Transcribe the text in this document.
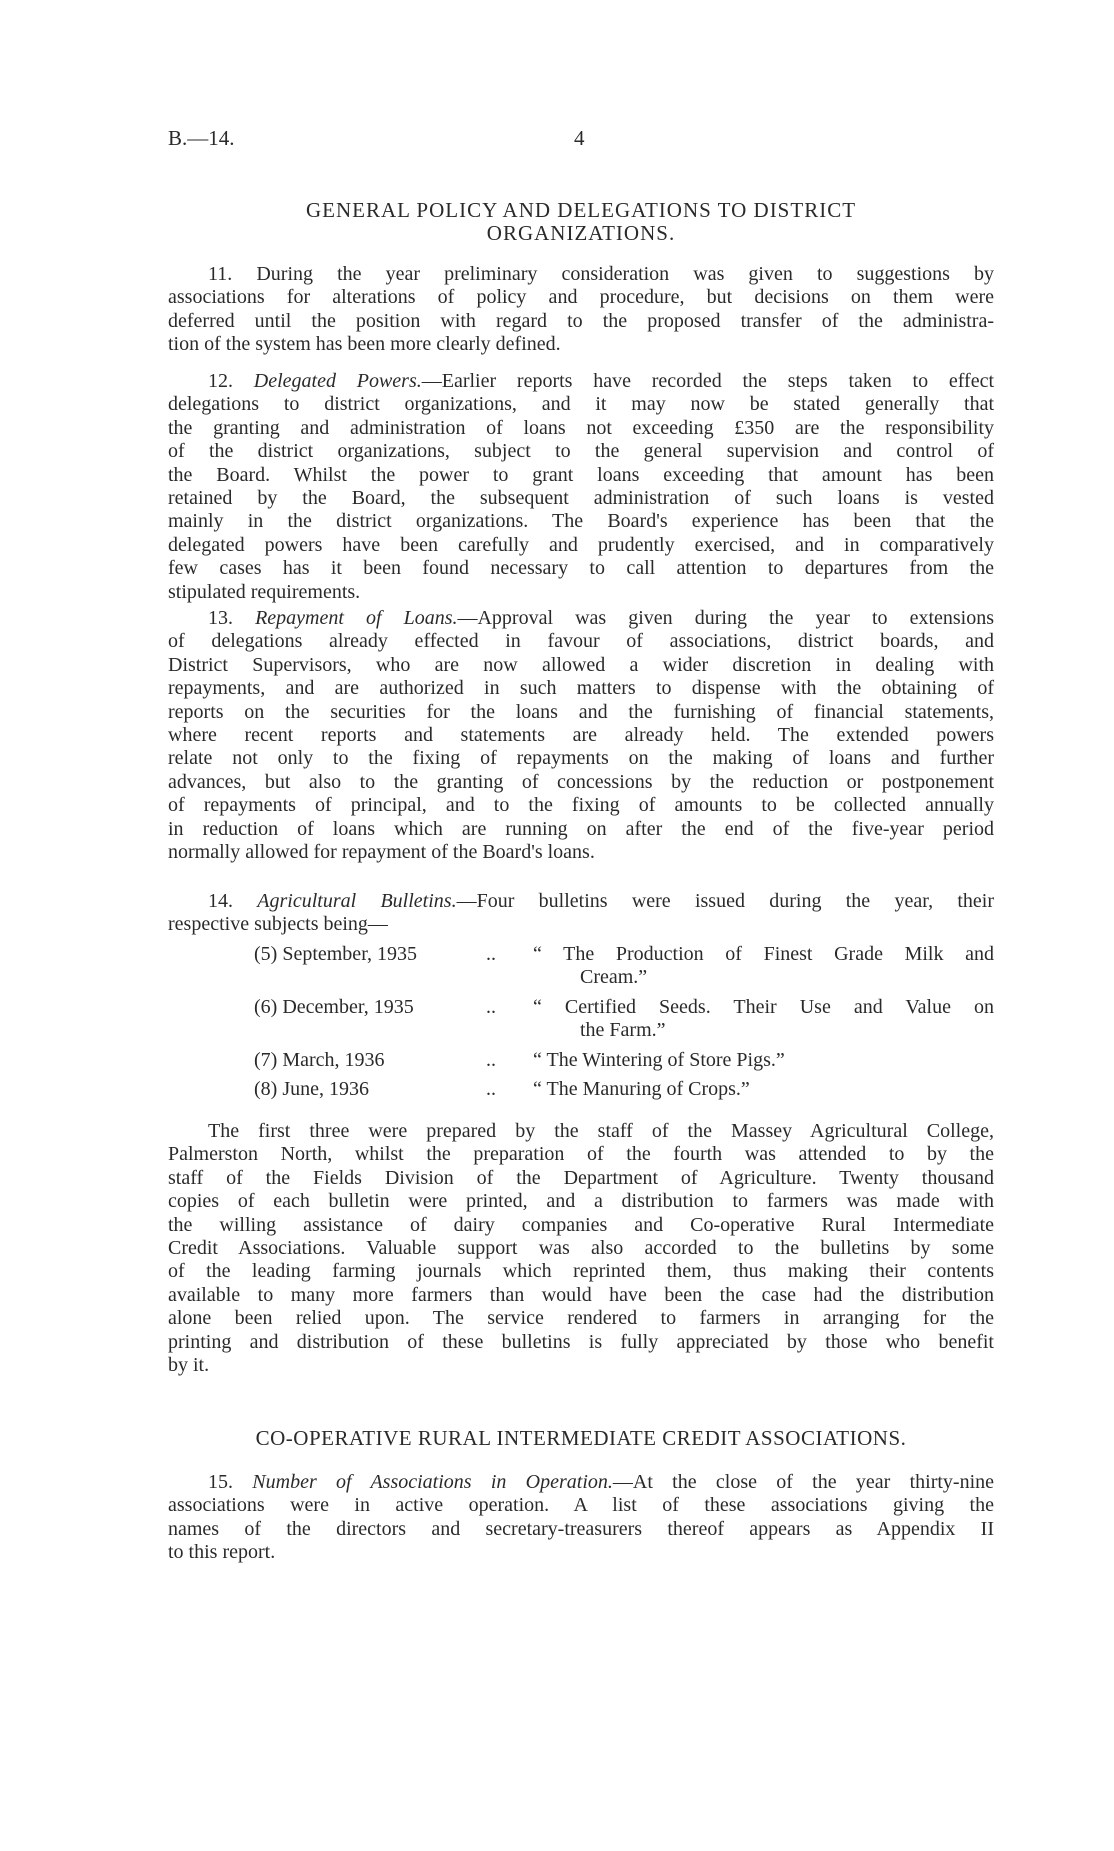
B.—14.	4
GENERAL POLICY AND DELEGATIONS TO DISTRICT
ORGANIZATIONS.
11. During the year preliminary consideration was given to suggestions by
associations for alterations of policy and procedure, but decisions on them were
deferred until the position with regard to the proposed transfer of the administra-
tion of the system has been more clearly defined.
12. Delegated Powers.—Earlier reports have recorded the steps taken to effect
delegations to district organizations, and it may now be stated generally that
the granting and administration of loans not exceeding £350 are the responsibility
of the district organizations, subject to the general supervision and control of
the Board. Whilst the power to grant loans exceeding that amount has been
retained by the Board, the subsequent administration of such loans is vested
mainly in the district organizations. The Board's experience has been that the
delegated powers have been carefully and prudently exercised, and in comparatively
few cases has it been found necessary to call attention to departures from the
stipulated requirements.
13. Repayment of Loans.—Approval was given during the year to extensions
of delegations already effected in favour of associations, district boards, and
District Supervisors, who are now allowed a wider discretion in dealing with
repayments, and are authorized in such matters to dispense with the obtaining of
reports on the securities for the loans and the furnishing of financial statements,
where recent reports and statements are already held. The extended powers
relate not only to the fixing of repayments on the making of loans and further
advances, but also to the granting of concessions by the reduction or postponement
of repayments of principal, and to the fixing of amounts to be collected annually
in reduction of loans which are running on after the end of the five-year period
normally allowed for repayment of the Board's loans.
14. Agricultural Bulletins.—Four bulletins were issued during the year, their
respective subjects being—
(5) September, 1935	.. “ The Production of Finest Grade Milk and
Cream.”
(6) December, 1935	.. “ Certified Seeds. Their Use and Value on
the Farm.”
(7) March, 1936	.. “ The Wintering of Store Pigs.”
(8) June, 1936	.. “ The Manuring of Crops.”
The first three were prepared by the staff of the Massey Agricultural College,
Palmerston North, whilst the preparation of the fourth was attended to by the
staff of the Fields Division of the Department of Agriculture. Twenty thousand
copies of each bulletin were printed, and a distribution to farmers was made with
the willing assistance of dairy companies and Co-operative Rural Intermediate
Credit Associations. Valuable support was also accorded to the bulletins by some
of the leading farming journals which reprinted them, thus making their contents
available to many more farmers than would have been the case had the distribution
alone been relied upon. The service rendered to farmers in arranging for the
printing and distribution of these bulletins is fully appreciated by those who benefit
by it.
CO-OPERATIVE RURAL INTERMEDIATE CREDIT ASSOCIATIONS.
15. Number of Associations in Operation.—At the close of the year thirty-nine
associations were in active operation. A list of these associations giving the
names of the directors and secretary-treasurers thereof appears as Appendix II
to this report.
